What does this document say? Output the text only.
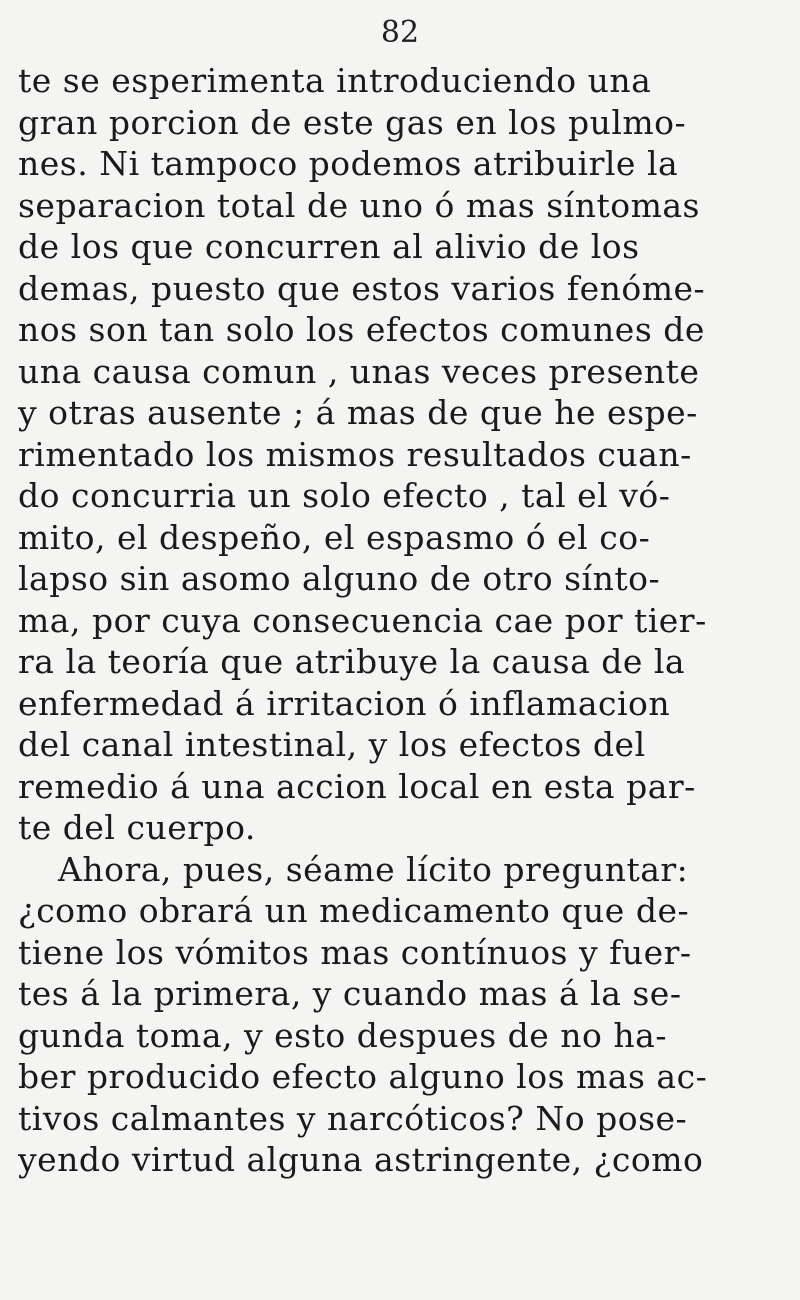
82
te se esperimenta introduciendo una
gran porcion de este gas en los pulmo-
nes. Ni tampoco podemos atribuirle la
separacion total de uno ó mas síntomas
de los que concurren al alivio de los
demas, puesto que estos varios fenóme-
nos son tan solo los efectos comunes de
una causa comun , unas veces presente
y otras ausente ; á mas de que he espe-
rimentado los mismos resultados cuan-
do concurria un solo efecto , tal el vó-
mito, el despeño, el espasmo ó el co-
lapso sin asomo alguno de otro sínto-
ma, por cuya consecuencia cae por tier-
ra la teoría que atribuye la causa de la
enfermedad á irritacion ó inflamacion
del canal intestinal, y los efectos del
remedio á una accion local en esta par-
te del cuerpo.
Ahora, pues, séame lícito preguntar:
¿como obrará un medicamento que de-
tiene los vómitos mas contínuos y fuer-
tes á la primera, y cuando mas á la se-
gunda toma, y esto despues de no ha-
ber producido efecto alguno los mas ac-
tivos calmantes y narcóticos? No pose-
yendo virtud alguna astringente, ¿como
